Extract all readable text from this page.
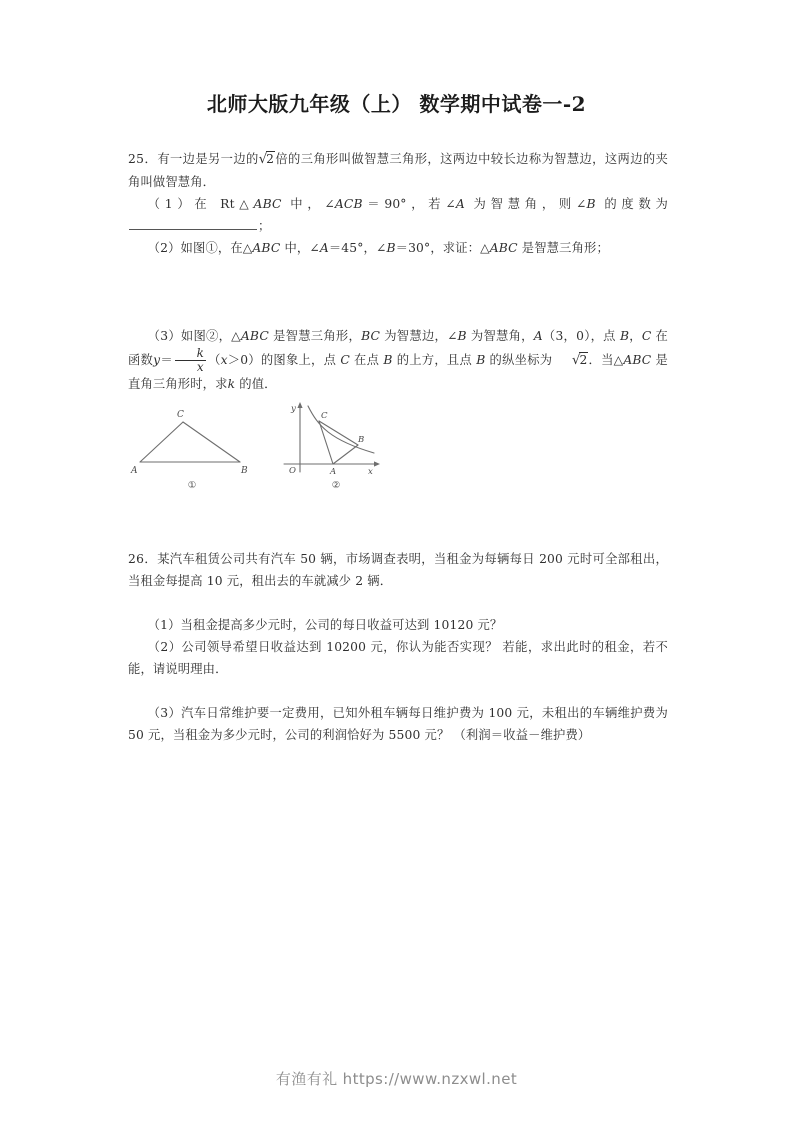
北师大版九年级（上） 数学期中试卷一-2
25．有一边是另一边的√2倍的三角形叫做智慧三角形，这两边中较长边称为智慧边，这两边的夹角叫做智慧角．
（1）在 Rt△ABC 中，∠ACB＝90°，若∠A 为智慧角，则∠B 的度数为；
（2）如图①，在△ABC 中，∠A＝45°，∠B＝30°，求证：△ABC 是智慧三角形；
（3）如图②，△ABC 是智慧三角形，BC 为智慧边，∠B 为智慧角，A（3，0），点 B，C 在函数$y= \frac{k}{x} (x>0)$的图象上，点 C 在点 B 的上方，且点 B 的纵坐标为 √2．当△ABC 是直角三角形时，求k 的值．
A	B
C
①
C
B
A
O	x
y
②
26．某汽车租赁公司共有汽车 50 辆，市场调查表明，当租金为每辆每日 200 元时可全部租出，当租金每提高 10 元，租出去的车就减少 2 辆．
（1）当租金提高多少元时，公司的每日收益可达到 10120 元？
（2）公司领导希望日收益达到 10200 元，你认为能否实现？ 若能，求出此时的租金，若不能，请说明理由．
（3）汽车日常维护要一定费用，已知外租车辆每日维护费为 100 元，未租出的车辆维护费为 50 元，当租金为多少元时，公司的利润恰好为 5500 元？ （利润＝收益－维护费）
有渔有礼 https://www.nzxwl.net
